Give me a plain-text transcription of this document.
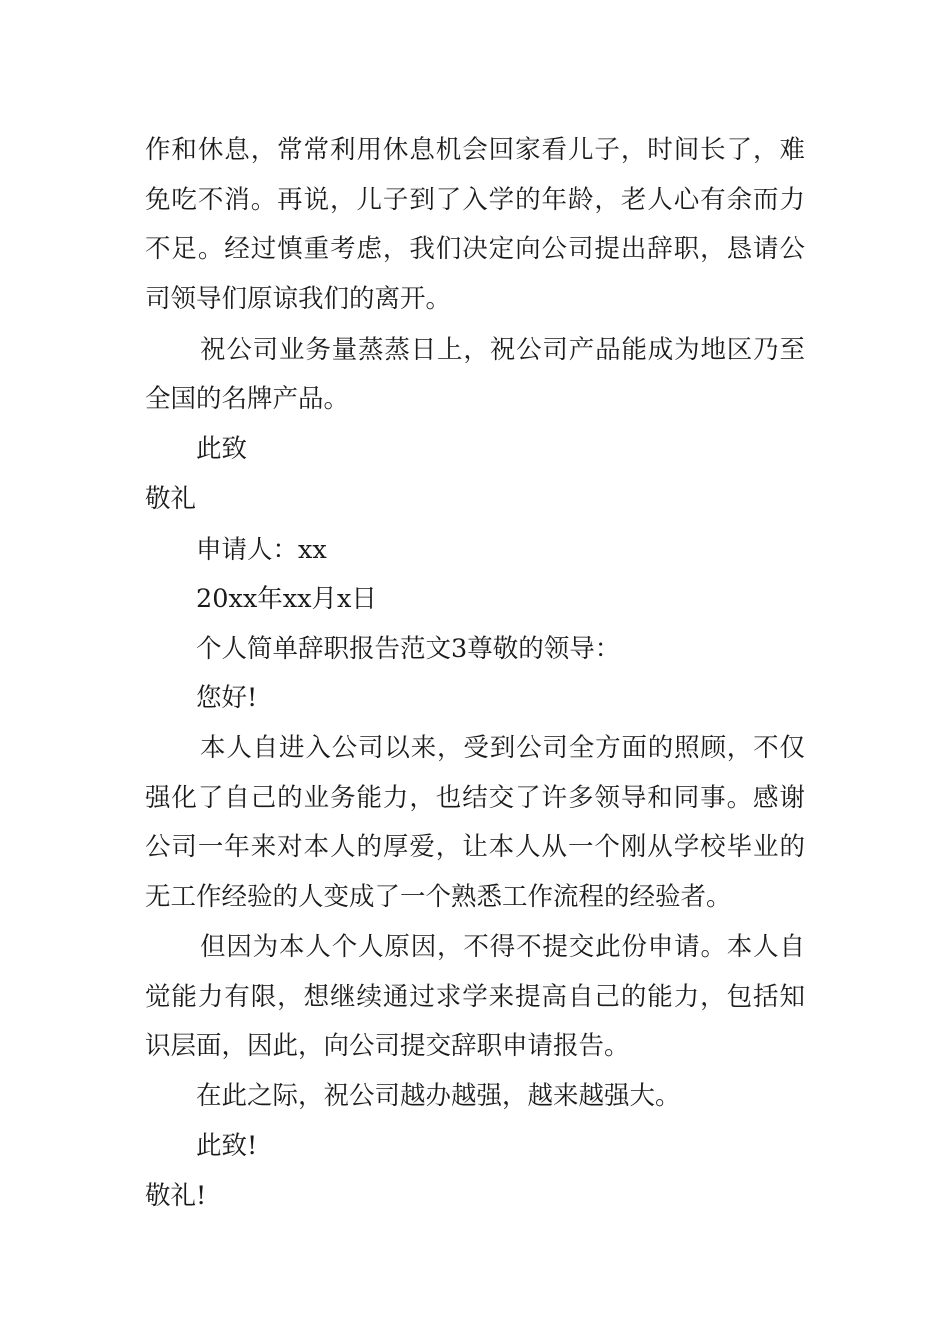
作和休息，常常利用休息机会回家看儿子，时间长了，难
免吃不消。再说，儿子到了入学的年龄，老人心有余而力
不足。经过慎重考虑，我们决定向公司提出辞职，恳请公
司领导们原谅我们的离开。
祝公司业务量蒸蒸日上，祝公司产品能成为地区乃至
全国的名牌产品。
此致
敬礼
申请人：xx
20xx年xx月x日
个人简单辞职报告范文3尊敬的领导：
您好!
本人自进入公司以来，受到公司全方面的照顾，不仅
强化了自己的业务能力，也结交了许多领导和同事。感谢
公司一年来对本人的厚爱，让本人从一个刚从学校毕业的
无工作经验的人变成了一个熟悉工作流程的经验者。
但因为本人个人原因，不得不提交此份申请。本人自
觉能力有限，想继续通过求学来提高自己的能力，包括知
识层面，因此，向公司提交辞职申请报告。
在此之际，祝公司越办越强，越来越强大。
此致!
敬礼!
